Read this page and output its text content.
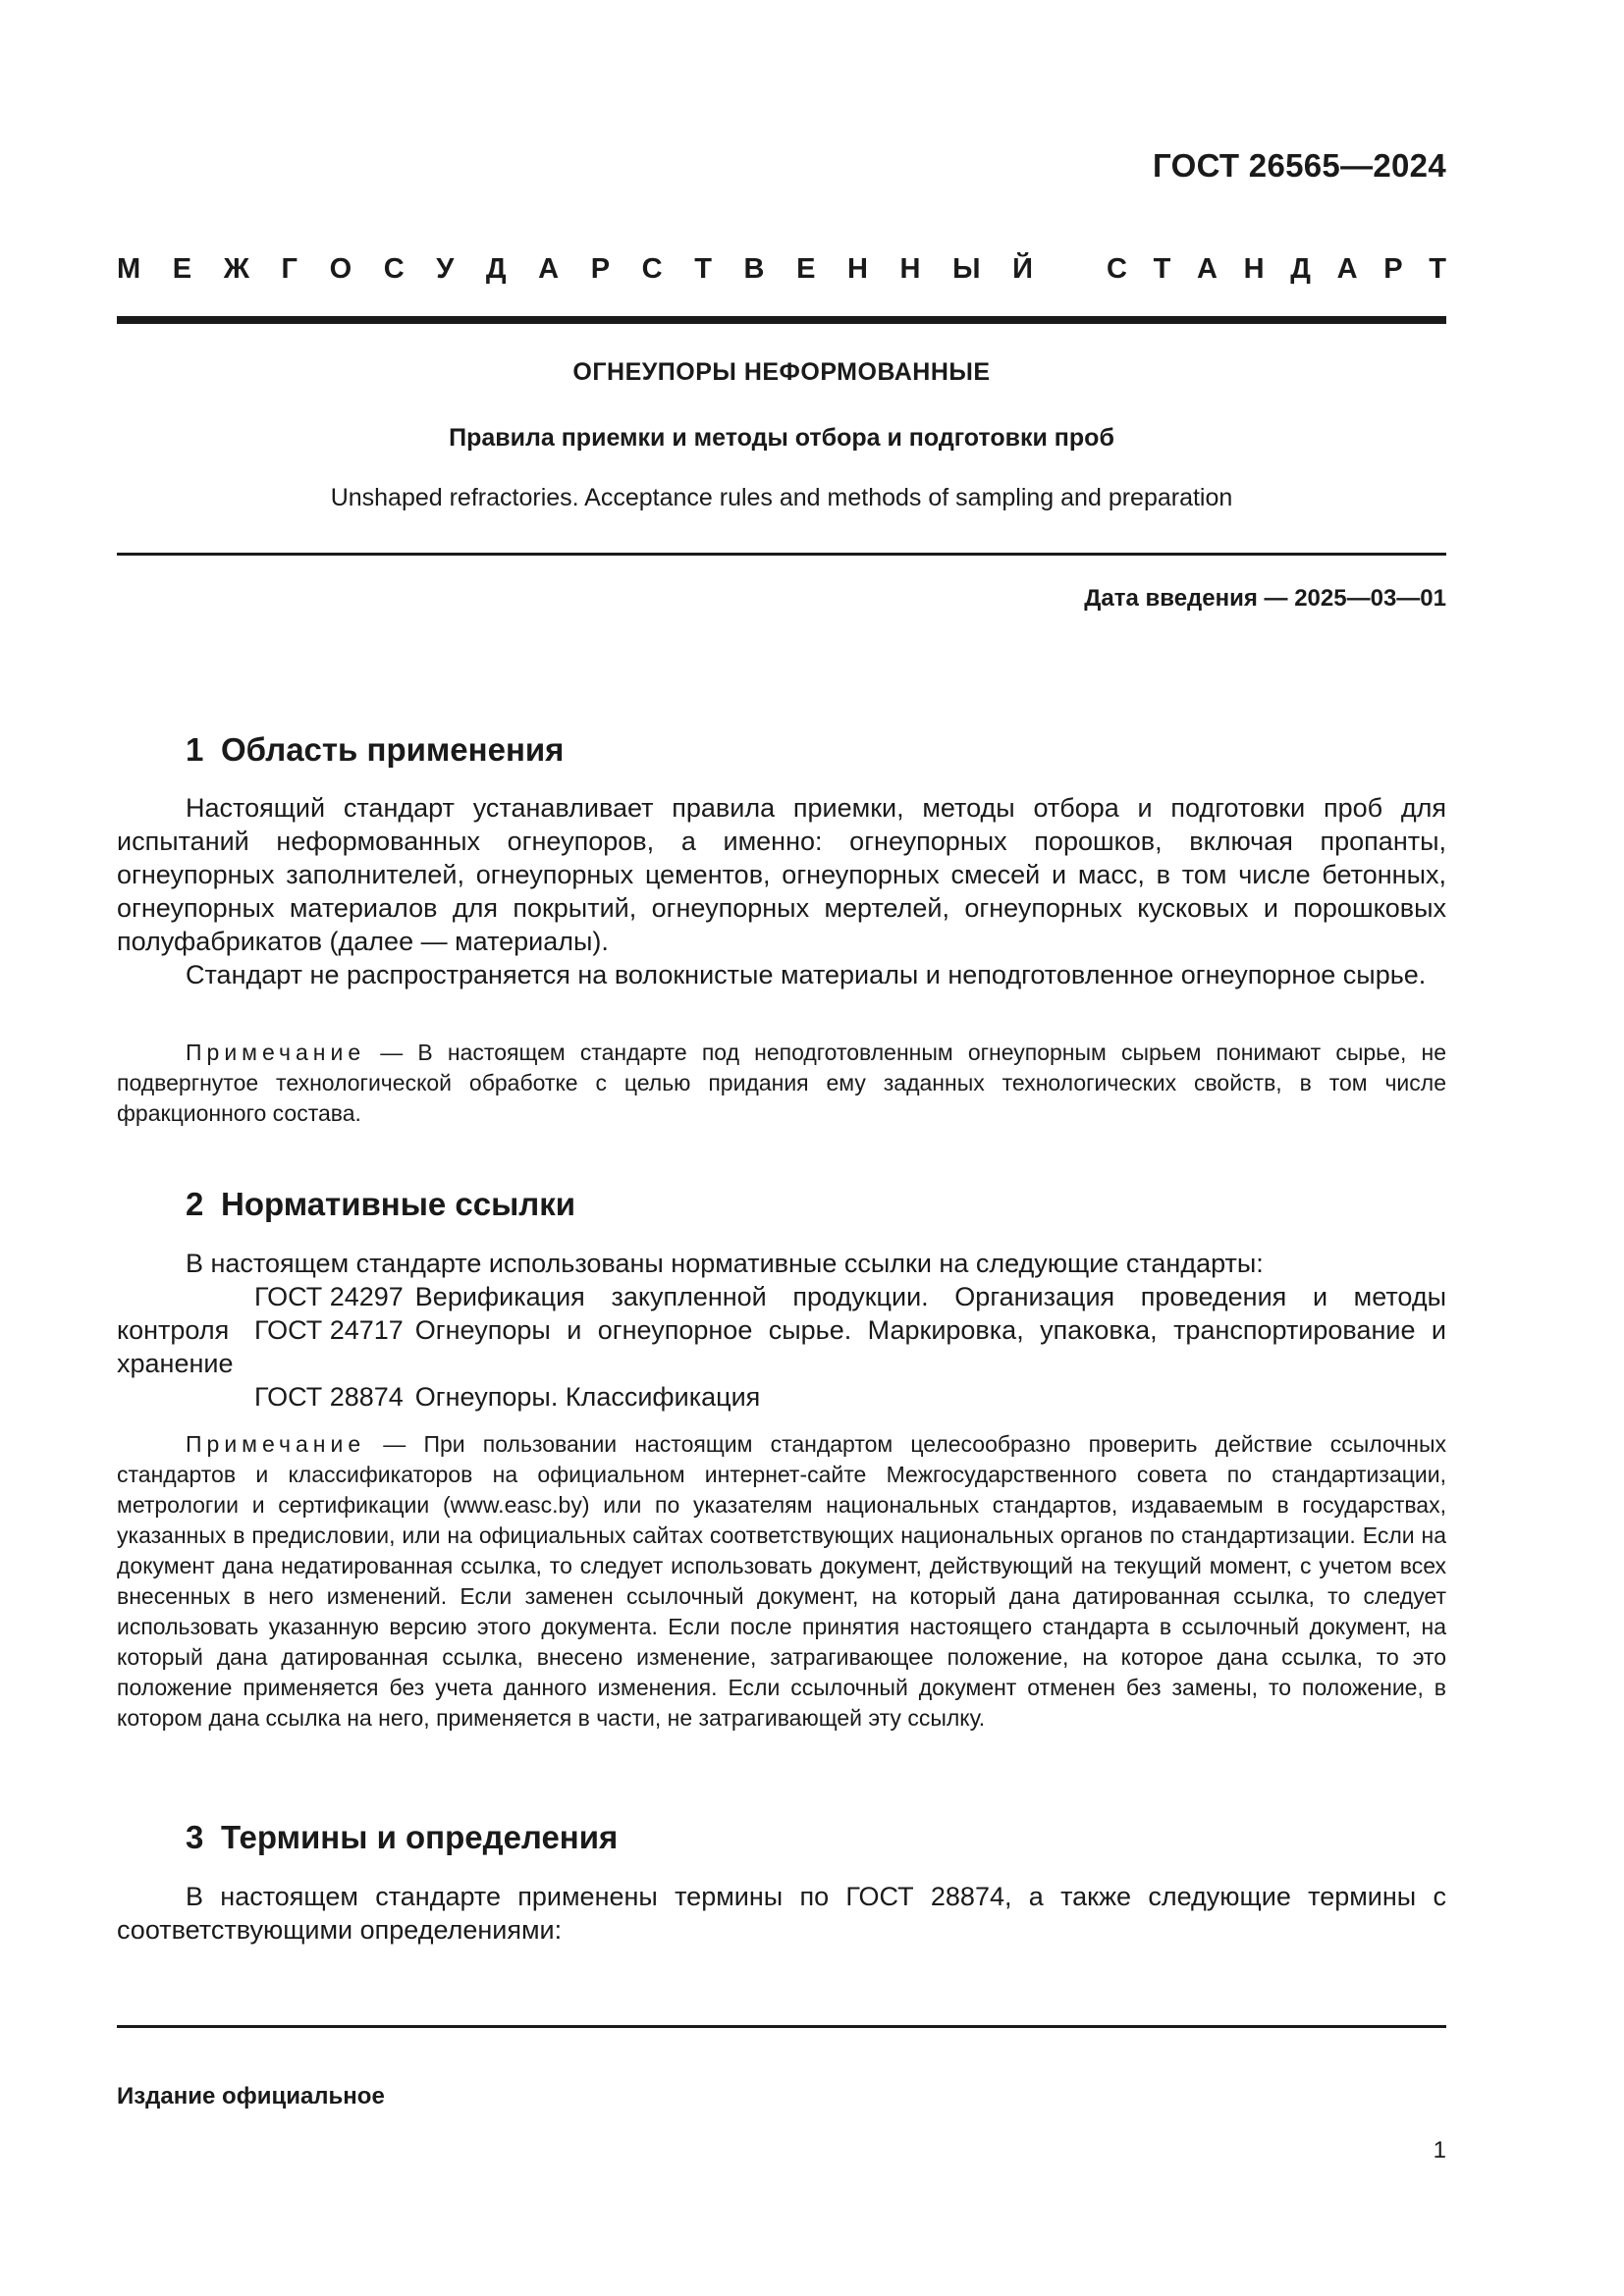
ГОСТ 26565—2024
М Е Ж Г О С У Д А Р С Т В Е Н Н Ы Й	С Т А Н Д А Р Т
ОГНЕУПОРЫ НЕФОРМОВАННЫЕ
Правила приемки и методы отбора и подготовки проб
Unshaped refractories. Acceptance rules and methods of sampling and preparation
Дата введения — 2025—03—01
1 Область применения

Настоящий стандарт устанавливает правила приемки, методы отбора и подготовки проб для испытаний неформованных огнеупоров, а именно: огнеупорных порошков, включая пропанты, огнеупорных заполнителей, огнеупорных цементов, огнеупорных смесей и масс, в том числе бетонных, огнеупорных материалов для покрытий, огнеупорных мертелей, огнеупорных кусковых и порошковых полуфабрикатов (далее — материалы).

Стандарт не распространяется на волокнистые материалы и неподготовленное огнеупорное сырье.

Примечание — В настоящем стандарте под неподготовленным огнеупорным сырьем понимают сырье, не подвергнутое технологической обработке с целью придания ему заданных технологических свойств, в том числе фракционного состава.

2 Нормативные ссылки

В настоящем стандарте использованы нормативные ссылки на следующие стандарты:

ГОСТ 24297 Верификация закупленной продукции. Организация проведения и методы контроля ГОСТ 24717 Огнеупоры и огнеупорное сырье. Маркировка, упаковка, транспортирование и хранение

ГОСТ 28874 Огнеупоры. Классификация

Примечание — При пользовании настоящим стандартом целесообразно проверить действие ссылочных стандартов и классификаторов на официальном интернет-сайте Межгосударственного совета по стандартизации, метрологии и сертификации (www.easc.by) или по указателям национальных стандартов, издаваемым в государствах, указанных в предисловии, или на официальных сайтах соответствующих национальных органов по стандартизации. Если на документ дана недатированная ссылка, то следует использовать документ, действующий на текущий момент, с учетом всех внесенных в него изменений. Если заменен ссылочный документ, на который дана датированная ссылка, то следует использовать указанную версию этого документа. Если после принятия настоящего стандарта в ссылочный документ, на который дана датированная ссылка, внесено изменение, затрагивающее положение, на которое дана ссылка, то это положение применяется без учета данного изменения. Если ссылочный документ отменен без замены, то положение, в котором дана ссылка на него, применяется в части, не затрагивающей эту ссылку.

3 Термины и определения

В настоящем стандарте применены термины по ГОСТ 28874, а также следующие термины с соответствующими определениями:

Издание официальное
1
